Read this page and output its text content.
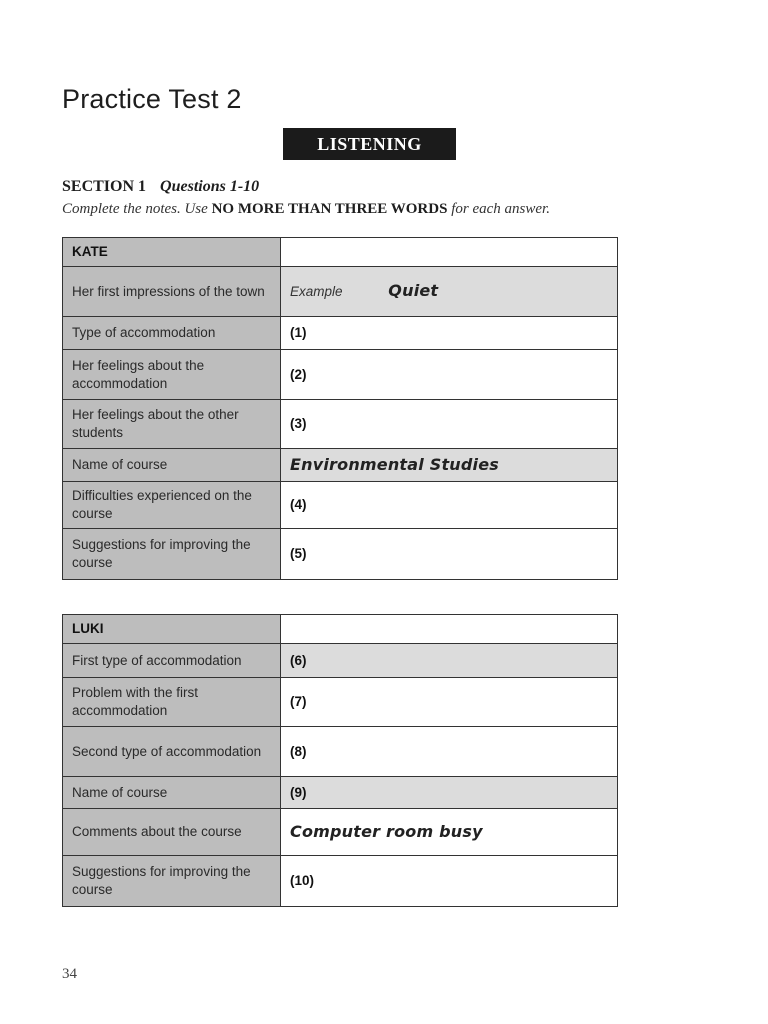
Practice Test 2
LISTENING
SECTION 1 Questions 1-10
Complete the notes. Use NO MORE THAN THREE WORDS for each answer.
KATE	
Her first impressions of the town	Example Quiet
Type of accommodation	(1)
Her feelings about the accommodation	(2)
Her feelings about the other students	(3)
Name of course	Environmental Studies
Difficulties experienced on the course	(4)
Suggestions for improving the course	(5)
LUKI	
First type of accommodation	(6)
Problem with the first accommodation	(7)
Second type of accommodation	(8)
Name of course	(9)
Comments about the course	Computer room busy
Suggestions for improving the course	(10)
34
